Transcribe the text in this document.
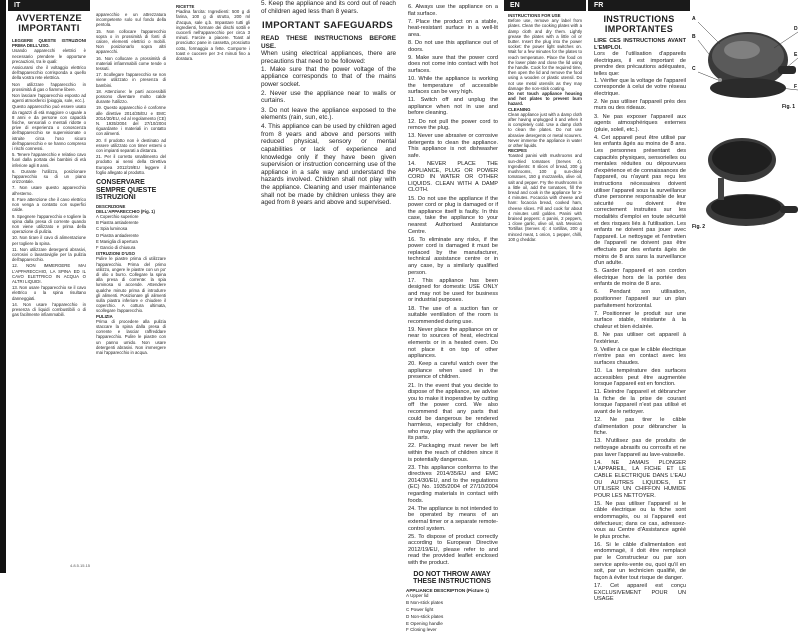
IT
AVVERTENZE IMPORTANTI
LEGGERE QUESTE ISTRUZIONI PRIMA DELL'USO.

Usando apparecchi elettrici è necessario prendere le opportune precauzioni, tra le quali:

Assicurarsi che il voltaggio elettrico dell'apparecchio corrisponda a quello della vostra rete elettrica.

Non utilizzare l'apparecchio in prossimità di gas o fiamme libere.

Non lasciare l'apparecchio esposto ad agenti atmosferici (pioggia, sole, ecc.).

Questo apparecchio può essere usato da ragazzi di età maggiore o uguale a 8 anni e da persone con capacità fisiche, sensoriali o mentali ridotte o prive di esperienza o conoscenza dell'apparecchio se supervisionate o istruite circa l'uso sicuro dell'apparecchio e se hanno compreso i rischi connessi.

5. Tenere l'apparecchio e relativo cavo fuori dalla portata dei bambini di età inferiore agli 8 anni.

6. Durante l'utilizzo, posizionare l'apparecchio su di un piano orizzontale.

7. Non usare questo apparecchio all'esterno.

8. Fare attenzione che il cavo elettrico non venga a contatto con superfici calde.

9. Spegnere l'apparecchio e togliere la spina dalla presa di corrente quando non viene utilizzato e prima della operazione di pulizia.

10. Non tirare il cavo di alimentazione per togliere la spina.

11. Non utilizzare detergenti abrasivi, corrosivi o lavastoviglie per la pulizia dell'apparecchio.

12. NON IMMERGERE MAI L'APPARECCHIO, LA SPINA ED IL CAVO ELETTRICO IN ACQUA O ALTRI LIQUIDI.

13. Non usare l'apparecchio se il cavo elettrico o la spina risultano danneggiati.

14. Non usare l'apparecchio in presenza di liquidi combustibili o di gas facilmente infiammabili.

4.8.5.15.15

apparecchio e un attrezzatura incompetente solo sul fondo della pentola.

15. Non collocare l'apparecchio sopra o in prossimità di fonti di calore, elementi elettrici o mobili. Non posizionarlo sopra altri apparecchi.

16. Non collocare a prossimità di materiali infiammabili come tende o tessuti.

17. Scollegare l'apparecchio se non viene utilizzato in presenza di bambini.

18. Attenzione: le parti accessibili possono diventare molto calde durante l'utilizzo.

19. Questo apparecchio è conforme alle direttive 2014/35/EU e EMC 2014/30/EU, ed al regolamento (CE) N. 1935/2004 del 27/10/2004 riguardante i materiali in contatto con alimenti.

20. Il prodotto non è destinato ad essere utilizzato con timer esterni o con impianti separati a distanza.

21. Per il corretto smaltimento del prodotto ai sensi della Direttiva Europea 2012/19/EU leggere il foglio allegato al prodotto.

CONSERVARE SEMPRE QUESTE ISTRUZIONI
DESCRIZIONE DELL'APPARECCHIO (Fig. 1)

A Coperchio superiore

B Piastra antiaderente

C Spia luminosa

D Piastra antiaderente

E Maniglia di apertura

F Gancio di chiusura

ISTRUZIONI D'USO
Pulire le piastre prima di utilizzare l'apparecchio. Prima del primo utilizzo, ungere le piastre con un po' di olio o burro. Collegare la spina alla presa di corrente: la spia luminosa si accende. Attendere qualche minuto prima di introdurre gli alimenti. Posizionare gli alimenti sulla piastra inferiore e chiudere il coperchio. A cottura ultimata, scollegare l'apparecchio.
PULIZIA
Prima di procedere alla pulizia staccare la spina dalla presa di corrente e lasciar raffreddare l'apparecchio. Pulire le piastre con un panno umido. Non usare detergenti abrasivi. Non immergere mai l'apparecchio in acqua.
RICETTE
Piadina farcita: Ingredienti: 500 g di farina, 100 g di strutto, 200 ml d'acqua, sale q.b. Impastare tutti gli ingredienti, formare dei dischi sottili e cuocerli nell'apparecchio per circa 3 minuti. Farcire a piacere. Toast al prosciutto: pane in cassetta, prosciutto cotto, formaggio a fette. Comporre i toast e cuocere per 3-4 minuti fino a doratura.

5. Keep the appliance and its cord out of reach of children aged less than 8 years.

IMPORTANT SAFEGUARDS
READ THESE INSTRUCTIONS BEFORE USE.
When using electrical appliances, there are precautions that need to be followed:

1. Make sure that the power voltage of the appliance corresponds to that of the mains power socket.

2. Never use the appliance near to walls or curtains.

3. Do not leave the appliance exposed to the elements (rain, sun, etc.).

4. This appliance can be used by children aged from 8 years and above and persons with reduced physical, sensory or mental capabilities or lack of experience and knowledge only if they have been given supervision or instruction concerning use of the appliance in a safe way and understand the hazards involved. Children shall not play with the appliance. Cleaning and user maintenance shall not be made by children unless they are aged from 8 years and above and supervised.

6. Always use the appliance on a flat surface.

7. Place the product on a stable, heat-resistant surface in a well-lit area.

8. Do not use this appliance out of doors.

9. Make sure that the power cord does not come into contact with hot surfaces.

10. While the appliance is working the temperature of accessible surfaces can be very high.

11. Switch off and unplug the appliance when not in use and before cleaning.

12. Do not pull the power cord to remove the plug.

13. Never use abrasive or corrosive detergents to clean the appliance. This appliance is not dishwasher safe.

14. NEVER PLACE THE APPLIANCE, PLUG OR POWER CORD IN WATER OR OTHER LIQUIDS. CLEAN WITH A DAMP CLOTH.

15. Do not use the appliance if the power cord or plug is damaged or if the appliance itself is faulty. In this case, take the appliance to your nearest Authorised Assistance Centre.

16. To eliminate any risks, if the power cord is damaged it must be replaced by the manufacturer, technical assistance centre or in any case, by a similarly qualified person.

17. This appliance has been designed for domestic USE ONLY and may not be used for business or industrial purposes.

18. The use of a suction fan or suitable ventilation of the room is recommended during use.

19. Never place the appliance on or near to sources of heat, electrical elements or in a heated oven. Do not place it on top of other appliances.

20. Keep a careful watch over the appliance when used in the presence of children.

21. In the event that you decide to dispose of the appliance, we advise you to make it inoperative by cutting off the power cord. We also recommend that any parts that could be dangerous be rendered harmless, especially for children, who may play with the appliance or its parts.

22. Packaging must never be left within the reach of children since it is potentially dangerous.

23. This appliance conforms to the directives 2014/35/EU and EMC 2014/30/EU, and to the regulations (EC) No. 1935/2004 of 27/10/2004 regarding materials in contact with foods.

24. The appliance is not intended to be operated by means of an external timer or a separate remote-control system.

25. To dispose of product correctly according to European Directive 2012/19/EU, please refer to and read the provided leaflet enclosed with the product.

DO NOT THROW AWAY THESE INSTRUCTIONS
APPLIANCE DESCRIPTION (Picture 1)

A Upper lid

B Non-stick plates

C Power light

D Non-stick plates

E Opening handle

F Closing lever

EN
INSTRUCTIONS FOR USE
Before use, remove any label from plates. Clean the cooking plates with a damp cloth and dry them. Lightly grease the plates with a little oil or butter. Insert the plug into the power socket: the power light switches on. Wait for a few minutes for the plates to reach temperature. Place the food on the lower plate and close the lid using the handle. Cook for the required time, then open the lid and remove the food using a wooden or plastic utensil. Do not use metal utensils as they may damage the non-stick coating.
Do not touch appliance housing and hot plates to prevent burn hazard.
CLEANING
Clean appliance just with a damp cloth after having unplugged it and when it is completely cold. Use a damp cloth to clean the plates. Do not use abrasive detergents or metal scourers. Never immerse the appliance in water or other liquids.
RECIPES
Toasted panini with mushrooms and sun-dried tomatoes (Serves 4). Ingredients: 8 slices of bread, 200 g mushrooms, 100 g sun-dried tomatoes, 150 g mozzarella, olive oil, salt and pepper. Fry the mushrooms in a little oil, add the tomatoes, fill the bread and cook in the appliance for 3-4 minutes. Focaccia with cheese and ham: focaccia bread, cooked ham, cheese slices. Fill and cook for about 4 minutes until golden. Panini with braised peppers: 4 panini, 2 peppers, 1 clove garlic, olive oil, salt. Mexican Tortillas (Serves 4): 4 tortillas, 200 g minced meat, 1 onion, 1 pepper, chilli, 100 g cheddar.
FR
INSTRUCTIONS IMPORTANTES
LIRE CES INSTRUCTIONS AVANT L'EMPLOI.
Lors de l'utilisation d'appareils électriques, il est important de prendre des précautions adéquates, telles que:

1. Vérifier que la voltage de l'appareil corresponde à celui de votre réseau électrique.

2. Ne pas utiliser l'appareil près des murs ou des rideaux.

3. Ne pas exposer l'appareil aux agents atmosphériques externes (pluie, soleil, etc.).

4. Cet appareil peut être utilisé par les enfants âgés au moins de 8 ans. Les personnes présentant des capacités physiques, sensorielles ou mentales réduites ou dépourvues d'expérience et de connaissances de l'appareil, ou n'ayant pas reçu les instructions nécessaires doivent utiliser l'appareil sous la surveillance d'une personne responsable de leur sécurité ou doivent être correctement instruites sur les modalités d'emploi en toute sécurité et des risques liés à l'utilisation. Les enfants ne doivent pas jouer avec l'appareil. Le nettoyage et l'entretien de l'appareil ne doivent pas être effectués par des enfants âgés de moins de 8 ans sans la surveillance d'un adulte.

5. Garder l'appareil et son cordon électrique hors de la portée des enfants de moins de 8 ans.

6. Pendant son utilisation, positionner l'appareil sur un plan parfaitement horizontal.

7. Positionner le produit sur une surface stable, résistante à la chaleur et bien éclairée.

8. Ne pas utiliser cet appareil à l'extérieur.

9. Veiller à ce que le câble électrique n'entre pas en contact avec les surfaces chaudes.

10. La température des surfaces accessibles peut être augmentée lorsque l'appareil est en fonction.

11. Éteindre l'appareil et débrancher la fiche de la prise de courant lorsque l'appareil n'est pas utilisé et avant de le nettoyer.

12. Ne pas tirer le câble d'alimentation pour débrancher la fiche.

13. N'utilisez pas de produits de nettoyage abrasifs ou corrosifs et ne pas laver l'appareil au lave-vaisselle.

14. NE JAMAIS PLONGER L'APPAREIL, LA FICHE ET LE CABLE ELECTRIQUE DANS L'EAU OU AUTRES LIQUIDES, ET UTILISER UN CHIFFON HUMIDE POUR LES NETTOYER.

15. Ne pas utiliser l'appareil si le câble électrique ou la fiche sont endommagés, ou si l'appareil est défectueux; dans ce cas, adressez-vous au Centre d'Assistance agréé le plus proche.

16. Si le câble d'alimentation est endommagé, il doit être remplacé par le Constructeur ou par son service après-vente ou, quoi qu'il en soit, par un technicien qualifié, de façon à éviter tout risque de danger.

17. Cet appareil est conçu EXCLUSIVEMENT POUR UN USAGE

A
B
C
D
E
F
Fig. 1
Fig. 2
